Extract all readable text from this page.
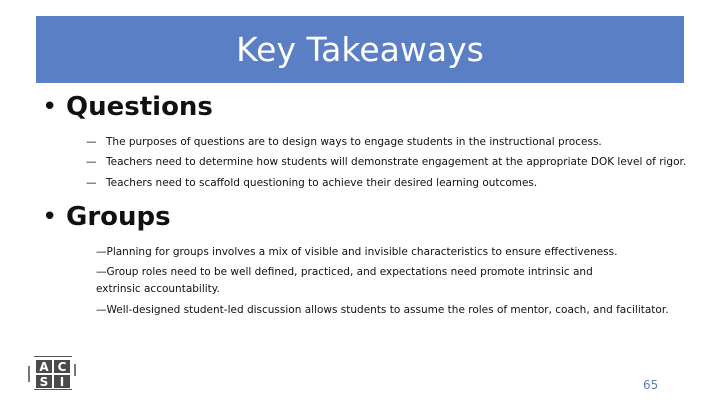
Key Takeaways
• Questions
— The purposes of questions are to design ways to engage students in the instructional process.
— Teachers need to determine how students will demonstrate engagement at the appropriate DOK level of rigor.
— Teachers need to scaffold questioning to achieve their desired learning outcomes.
• Groups
—Planning for groups involves a mix of visible and invisible characteristics to ensure effectiveness.
—Group roles need to be well defined, practiced, and expectations need promote intrinsic and extrinsic accountability.
—Well-designed student-led discussion allows students to assume the roles of mentor, coach, and facilitator.
A C
S I	65
